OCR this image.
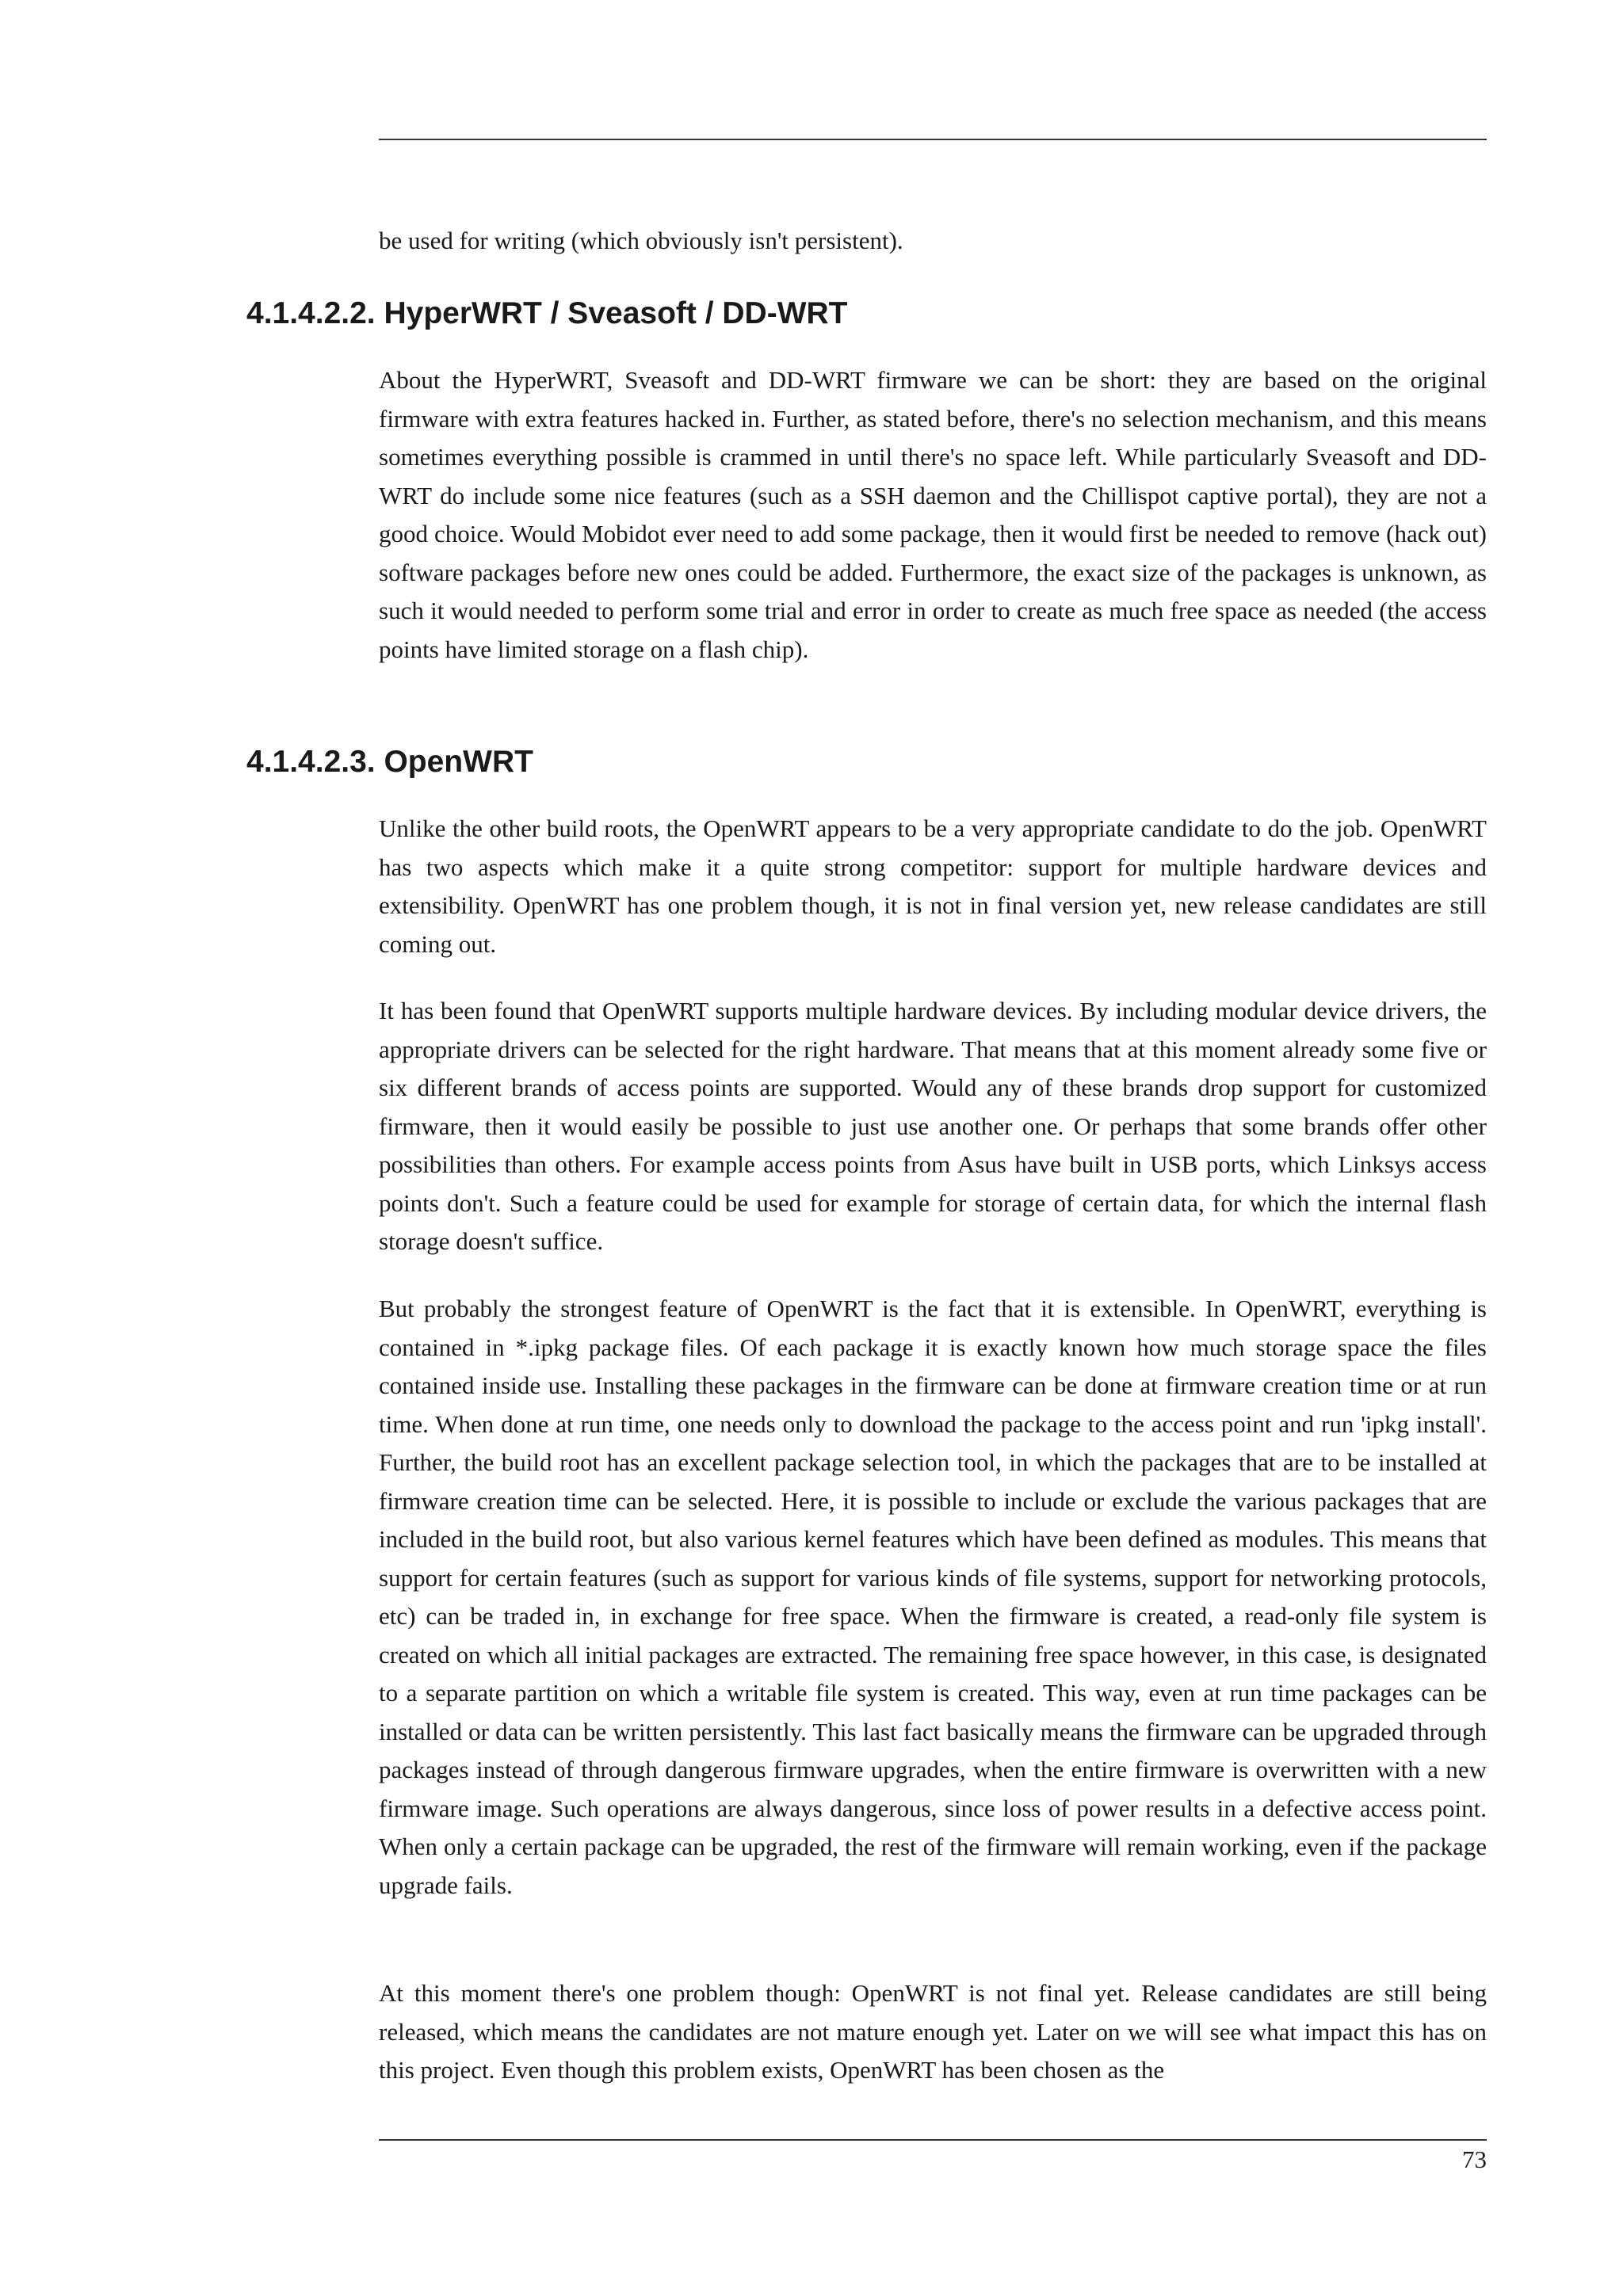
be used for writing (which obviously isn't persistent).

4.1.4.2.2. HyperWRT / Sveasoft / DD-WRT

About the HyperWRT, Sveasoft and DD-WRT firmware we can be short: they are based on the original firmware with extra features hacked in. Further, as stated before, there's no selection mechanism, and this means sometimes everything possible is crammed in until there's no space left. While particularly Sveasoft and DD-WRT do include some nice features (such as a SSH daemon and the Chillispot captive portal), they are not a good choice. Would Mobidot ever need to add some package, then it would first be needed to remove (hack out) software packages before new ones could be added. Furthermore, the exact size of the packages is unknown, as such it would needed to perform some trial and error in order to create as much free space as needed (the access points have limited storage on a flash chip).

4.1.4.2.3. OpenWRT

Unlike the other build roots, the OpenWRT appears to be a very appropriate candidate to do the job. OpenWRT has two aspects which make it a quite strong competitor: support for multiple hardware devices and extensibility. OpenWRT has one problem though, it is not in final version yet, new release candidates are still coming out.

It has been found that OpenWRT supports multiple hardware devices. By including modular device drivers, the appropriate drivers can be selected for the right hardware. That means that at this moment already some five or six different brands of access points are supported. Would any of these brands drop support for customized firmware, then it would easily be possible to just use another one. Or perhaps that some brands offer other possibilities than others. For example access points from Asus have built in USB ports, which Linksys access points don't. Such a feature could be used for example for storage of certain data, for which the internal flash storage doesn't suffice.

But probably the strongest feature of OpenWRT is the fact that it is extensible. In OpenWRT, everything is contained in *.ipkg package files. Of each package it is exactly known how much storage space the files contained inside use. Installing these packages in the firmware can be done at firmware creation time or at run time. When done at run time, one needs only to download the package to the access point and run 'ipkg install'. Further, the build root has an excellent package selection tool, in which the packages that are to be installed at firmware creation time can be selected. Here, it is possible to include or exclude the various packages that are included in the build root, but also various kernel features which have been defined as modules. This means that support for certain features (such as support for various kinds of file systems, support for networking protocols, etc) can be traded in, in exchange for free space. When the firmware is created, a read-only file system is created on which all initial packages are extracted. The remaining free space however, in this case, is designated to a separate partition on which a writable file system is created. This way, even at run time packages can be installed or data can be written persistently. This last fact basically means the firmware can be upgraded through packages instead of through dangerous firmware upgrades, when the entire firmware is overwritten with a new firmware image. Such operations are always dangerous, since loss of power results in a defective access point. When only a certain package can be upgraded, the rest of the firmware will remain working, even if the package upgrade fails.

At this moment there's one problem though: OpenWRT is not final yet. Release candidates are still being released, which means the candidates are not mature enough yet. Later on we will see what impact this has on this project. Even though this problem exists, OpenWRT has been chosen as the

73
